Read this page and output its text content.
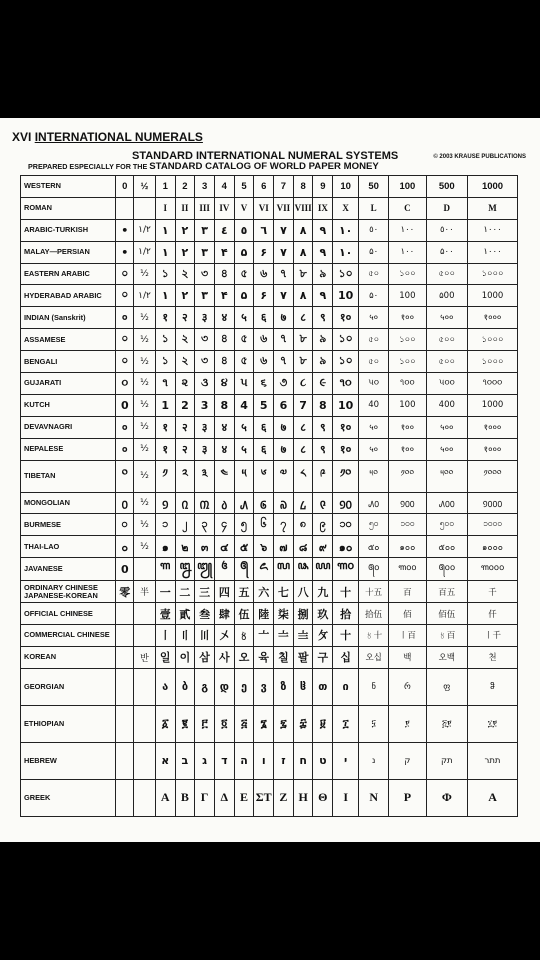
XVI INTERNATIONAL NUMERALS
STANDARD INTERNATIONAL NUMERAL SYSTEMS	© 2003 KRAUSE PUBLICATIONS
PREPARED ESPECIALLY FOR THE STANDARD CATALOG OF WORLD PAPER MONEY
WESTERN	0	½	1	2	3	4	5	6	7	8	9	10	50	100	500	1000
ROMAN			I	II	III	IV	V	VI	VII	VIII	IX	X	L	C	D	M
ARABIC-TURKISH	•	١/٢	١	٢	٣	٤	٥	٦	٧	٨	٩	١٠	٥٠	١٠٠	٥٠٠	١٠٠٠
MALAY—PERSIAN	•	١/٢	١	٢	٣	۴	۵	۶	٧	٨	٩	١٠	۵٠	١٠٠	۵٠٠	١٠٠٠
EASTERN ARABIC	০	½	১	২	৩	৪	৫	৬	৭	৮	৯	১০	৫০	১০০	৫০০	১০০০
HYDERABAD ARABIC	০	١/٢	١	٢	٣	۴	۵	۶	٧	٨	٩	10	۵٠	100	۵00	1000
INDIAN (Sanskrit)	०	½	१	२	३	४	५	६	७	८	९	१०	५०	१००	५००	१०००
ASSAMESE	০	½	১	২	৩	৪	৫	৬	৭	৮	৯	১০	৫০	১০০	৫০০	১০০০
BENGALI	০	½	১	২	৩	৪	৫	৬	৭	৮	৯	১০	৫০	১০০	৫০০	১০০০
GUJARATI	૦	½	૧	૨	૩	૪	૫	૬	૭	૮	૯	૧૦	૫૦	૧૦૦	૫૦૦	૧૦૦૦
KUTCH	0	½	1	2	3	8	4	5	6	7	8	10	40	100	400	1000
DEVAVNAGRI	०	½	१	२	३	४	५	६	७	८	९	१०	५०	१००	५००	१०००
NEPALESE	०	½	१	२	३	४	५	६	७	८	९	१०	५०	१००	५००	१०००
TIBETAN	༠	½	༡	༢	༣	༤	༥	༦	༧	༨	༩	༡༠	༥༠	༡༠༠	༥༠༠	༡༠༠༠
MONGOLIAN	᠐	½	᠑	᠒	᠓	᠔	᠕	᠖	᠗	᠘	᠙	᠑᠐	᠕᠐	᠑᠐᠐	᠕᠐᠐	᠑᠐᠐᠐
BURMESE	၀	½	၁	၂	၃	၄	၅	၆	၇	၈	၉	၁၀	၅၀	၁၀၀	၅၀၀	၁၀၀၀
THAI-LAO	๐	½	๑	๒	๓	๔	๕	๖	๗	๘	๙	๑๐	๕๐	๑๐๐	๕๐๐	๑๐๐๐
JAVANESE	0		꧑	꧒	꧓	꧔	꧕	꧖	꧗	꧘	꧙	꧑꧐	꧕꧐	꧑꧐꧐	꧕꧐꧐	꧑꧐꧐꧐
ORDINARY CHINESE JAPANESE-KOREAN	零	半	一	二	三	四	五	六	七	八	九	十	十五	百	百五	千
OFFICIAL CHINESE			壹	貳	叁	肆	伍	陸	柒	捌	玖	拾	拾伍	佰	佰伍	仟
COMMERCIAL CHINESE			〡	〢	〣	〤	〥	〦	〧	〨	〩	十	〥十	〡百	〥百	〡千
KOREAN		반	일	이	삼	사	오	육	칠	팔	구	십	오십	백	오백	천
GEORGIAN			ა	ბ	გ	დ	ე	ვ	ზ	ჱ	თ	ი	ნ	რ	ფ	ჵ
ETHIOPIAN			፩	፪	፫	፬	፭	፮	፯	፰	፱	፲	፶	፻	፭፻	፲፻
HEBREW			א	ב	ג	ד	ה	ו	ז	ח	ט	י	נ	ק	תק	תתר
GREEK			Α	Β	Γ	Δ	Ε	ΣΤ	Ζ	Η	Θ	Ι	Ν	Ρ	Φ	Α
